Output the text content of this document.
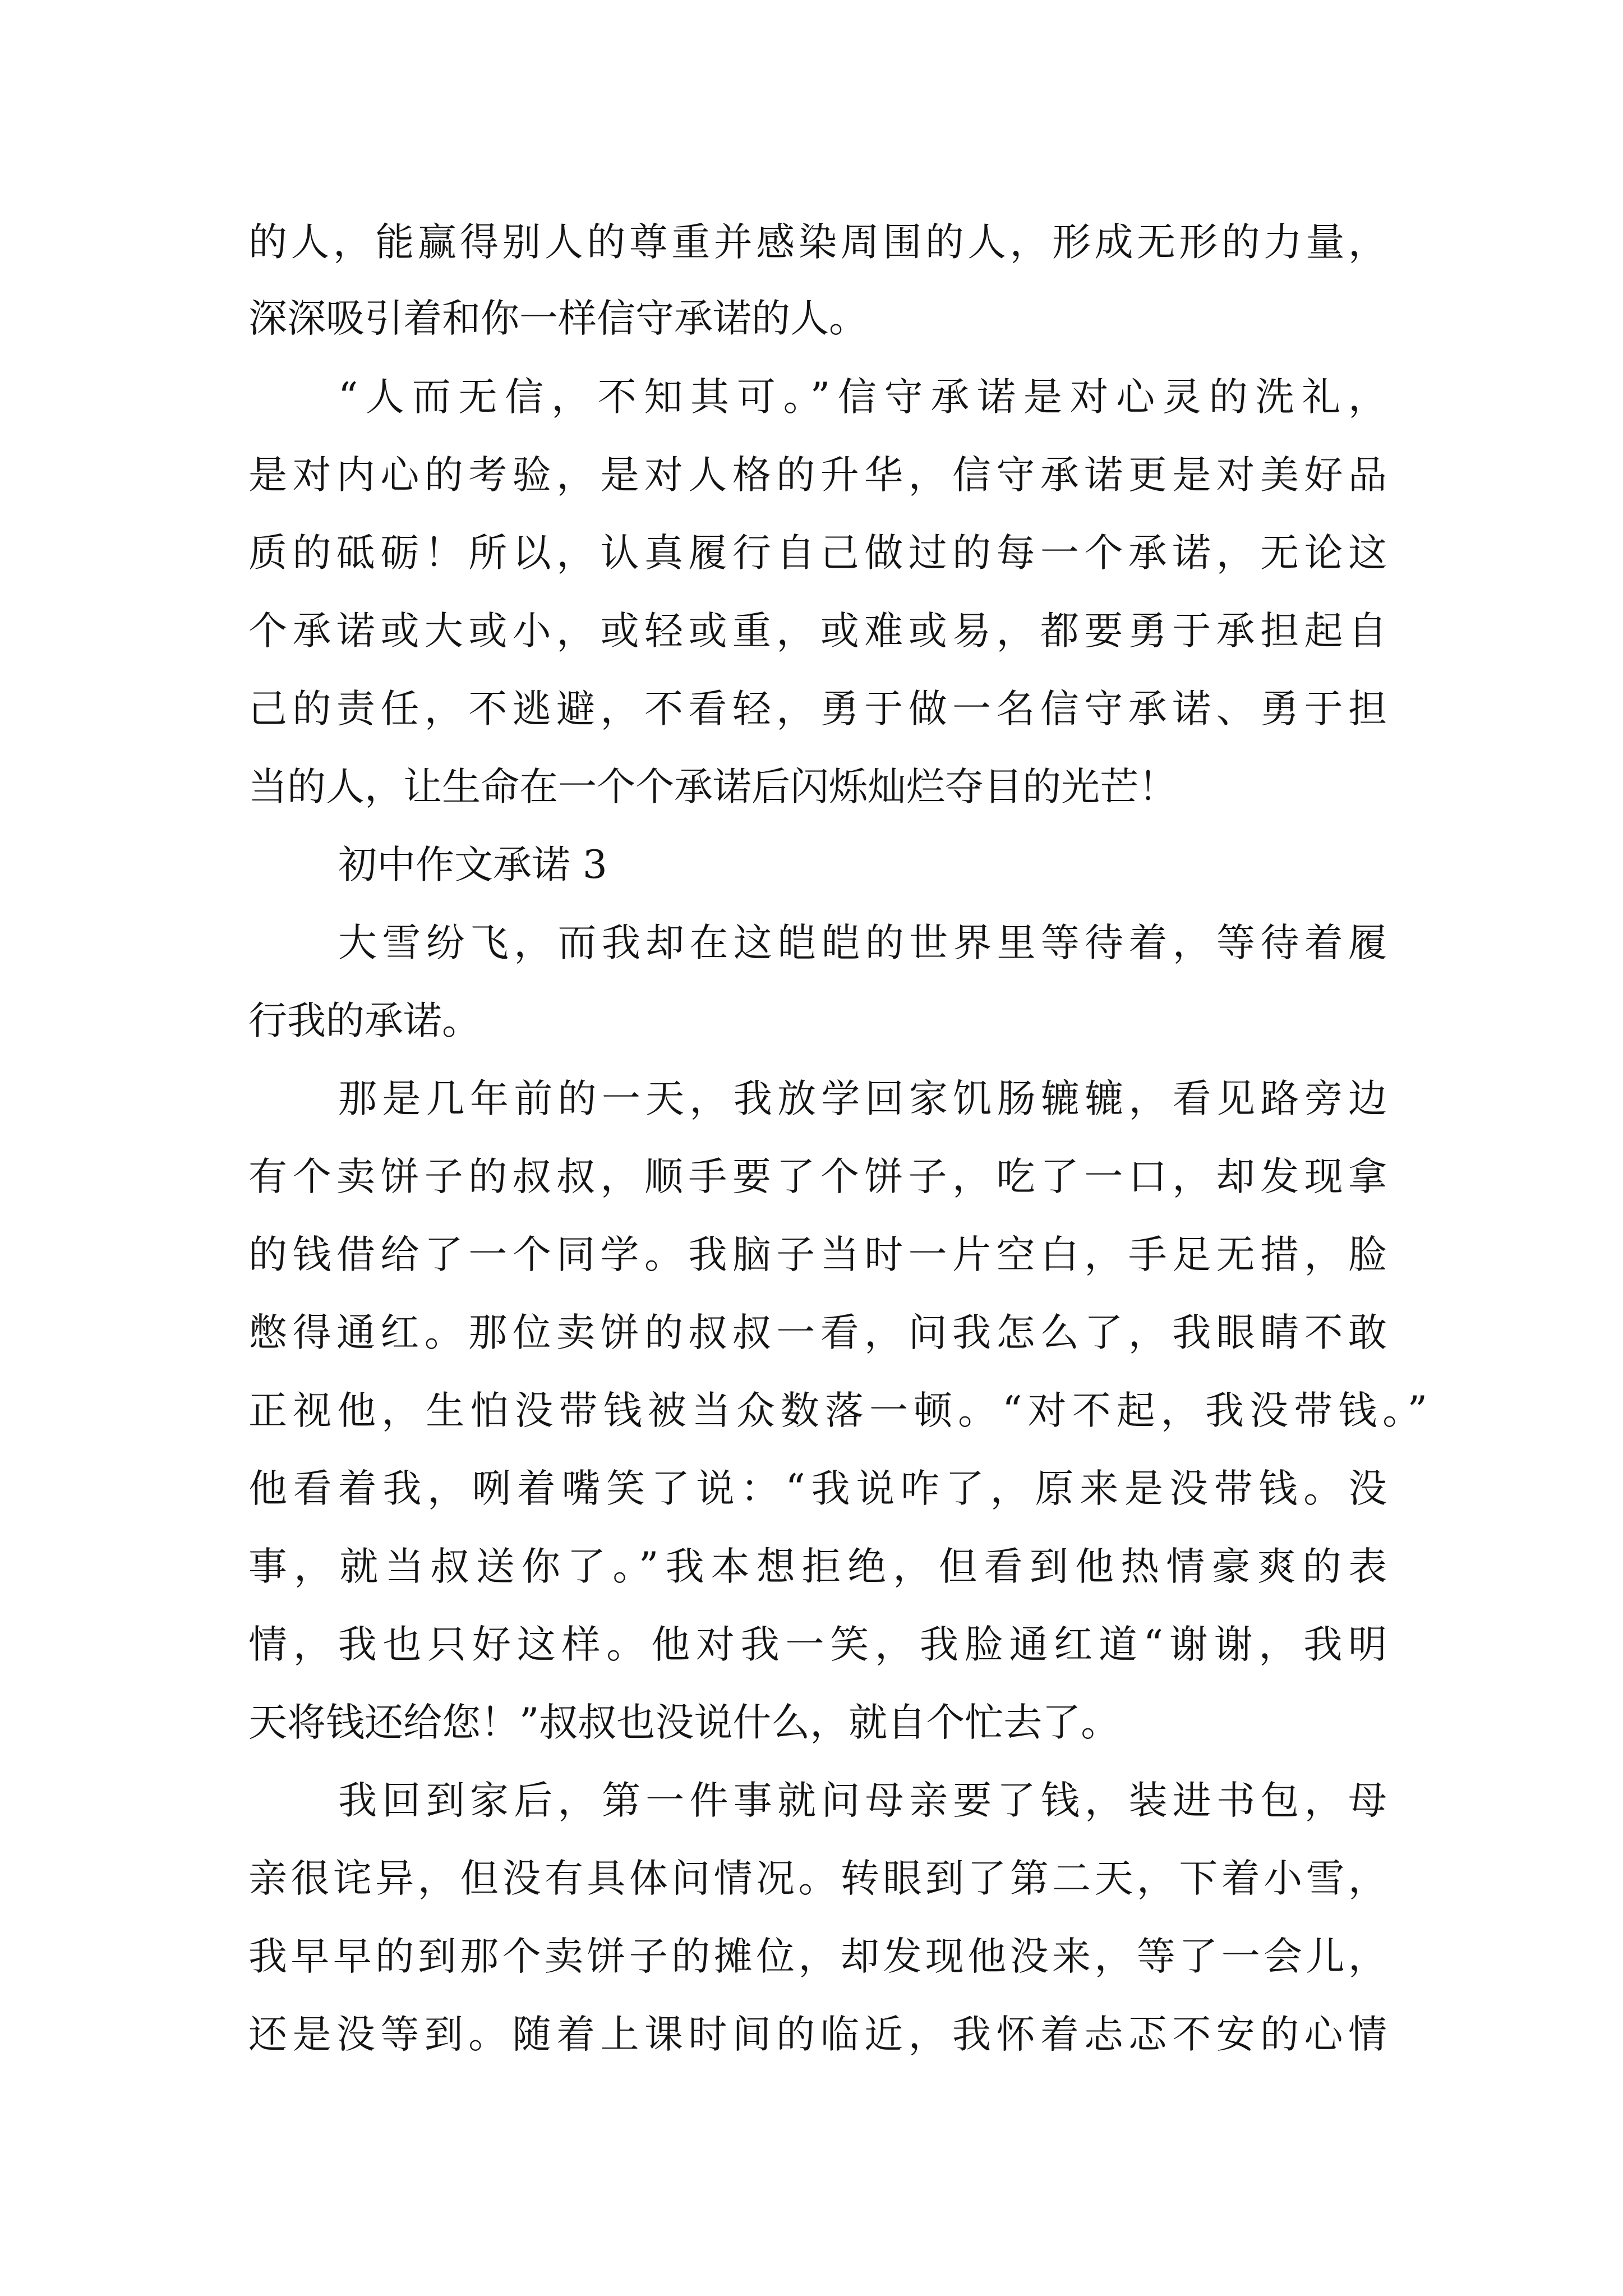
的人，能赢得别人的尊重并感染周围的人，形成无形的力量，
深深吸引着和你一样信守承诺的人。
“人而无信，不知其可。”信守承诺是对心灵的洗礼，
是对内心的考验，是对人格的升华，信守承诺更是对美好品
质的砥砺！所以，认真履行自己做过的每一个承诺，无论这
个承诺或大或小，或轻或重，或难或易，都要勇于承担起自
己的责任，不逃避，不看轻，勇于做一名信守承诺、勇于担
当的人，让生命在一个个承诺后闪烁灿烂夺目的光芒！
初中作文承诺 3
大雪纷飞，而我却在这皑皑的世界里等待着，等待着履
行我的承诺。
那是几年前的一天，我放学回家饥肠辘辘，看见路旁边
有个卖饼子的叔叔，顺手要了个饼子，吃了一口，却发现拿
的钱借给了一个同学。我脑子当时一片空白，手足无措，脸
憋得通红。那位卖饼的叔叔一看，问我怎么了，我眼睛不敢
正视他，生怕没带钱被当众数落一顿。“对不起，我没带钱。”
他看着我，咧着嘴笑了说：“我说咋了，原来是没带钱。没
事，就当叔送你了。”我本想拒绝，但看到他热情豪爽的表
情，我也只好这样。他对我一笑，我脸通红道“谢谢，我明
天将钱还给您！”叔叔也没说什么，就自个忙去了。
我回到家后，第一件事就问母亲要了钱，装进书包，母
亲很诧异，但没有具体问情况。转眼到了第二天，下着小雪，
我早早的到那个卖饼子的摊位，却发现他没来，等了一会儿，
还是没等到。随着上课时间的临近，我怀着忐忑不安的心情
